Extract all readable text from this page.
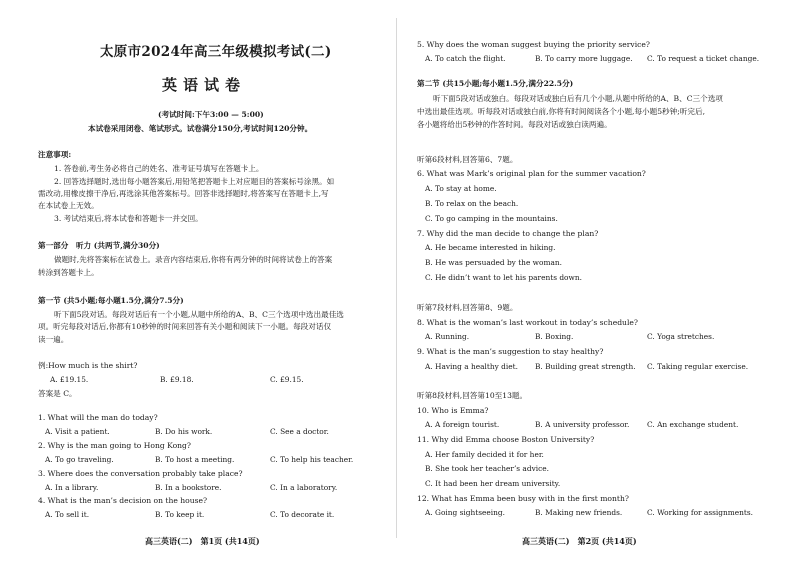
太原市2024年高三年级模拟考试(二)
英语试卷
(考试时间:下午3:00 — 5:00)
本试卷采用闭卷、笔试形式。试卷满分150分,考试时间120分钟。
注意事项:
1. 答卷前,考生务必将自己的姓名、准考证号填写在答题卡上。
2. 回答选择题时,选出每小题答案后,用铅笔把答题卡上对应题目的答案标号涂黑。如
需改动,用橡皮擦干净后,再选涂其他答案标号。回答非选择题时,将答案写在答题卡上,写
在本试卷上无效。
3. 考试结束后,将本试卷和答题卡一并交回。
第一部分　听力 (共两节,满分30分)
做题时,先将答案标在试卷上。录音内容结束后,你将有两分钟的时间将试卷上的答案
转涂到答题卡上。
第一节 (共5小题;每小题1.5分,满分7.5分)
听下面5段对话。每段对话后有一个小题,从题中所给的A、B、C三个选项中选出最佳选
项。听完每段对话后,你都有10秒钟的时间来回答有关小题和阅读下一小题。每段对话仅
读一遍。
例:How much is the shirt?
A. £19.15.	B. £9.18.	C. £9.15.
答案是 C。
1. What will the man do today?
A. Visit a patient.	B. Do his work.	C. See a doctor.
2. Why is the man going to Hong Kong?
A. To go traveling.	B. To host a meeting.	C. To help his teacher.
3. Where does the conversation probably take place?
A. In a library.	B. In a bookstore.	C. In a laboratory.
4. What is the man’s decision on the house?
A. To sell it.	B. To keep it.	C. To decorate it.
高三英语(二)　第1页 (共14页)
5. Why does the woman suggest buying the priority service?
A. To catch the flight.	B. To carry more luggage. C. To request a ticket change.
第二节 (共15小题;每小题1.5分,满分22.5分)
听下面5段对话或独白。每段对话或独白后有几个小题,从题中所给的A、B、C三个选项
中选出最佳选项。听每段对话或独白前,你将有时间阅读各个小题,每小题5秒钟;听完后,
各小题将给出5秒钟的作答时间。每段对话或独白读两遍。
听第6段材料,回答第6、7题。
6. What was Mark’s original plan for the summer vacation?
A. To stay at home.
B. To relax on the beach.
C. To go camping in the mountains.
7. Why did the man decide to change the plan?
A. He became interested in hiking.
B. He was persuaded by the woman.
C. He didn’t want to let his parents down.
听第7段材料,回答第8、9题。
8. What is the woman’s last workout in today’s schedule?
A. Running.	B. Boxing.	C. Yoga stretches.
9. What is the man’s suggestion to stay healthy?
A. Having a healthy diet. B. Building great strength. C. Taking regular exercise.
听第8段材料,回答第10至13题。
10. Who is Emma?
A. A foreign tourist.	B. A university professor. C. An exchange student.
11. Why did Emma choose Boston University?
A. Her family decided it for her.
B. She took her teacher’s advice.
C. It had been her dream university.
12. What has Emma been busy with in the first month?
A. Going sightseeing.	B. Making new friends.	C. Working for assignments.
高三英语(二)　第2页 (共14页)
